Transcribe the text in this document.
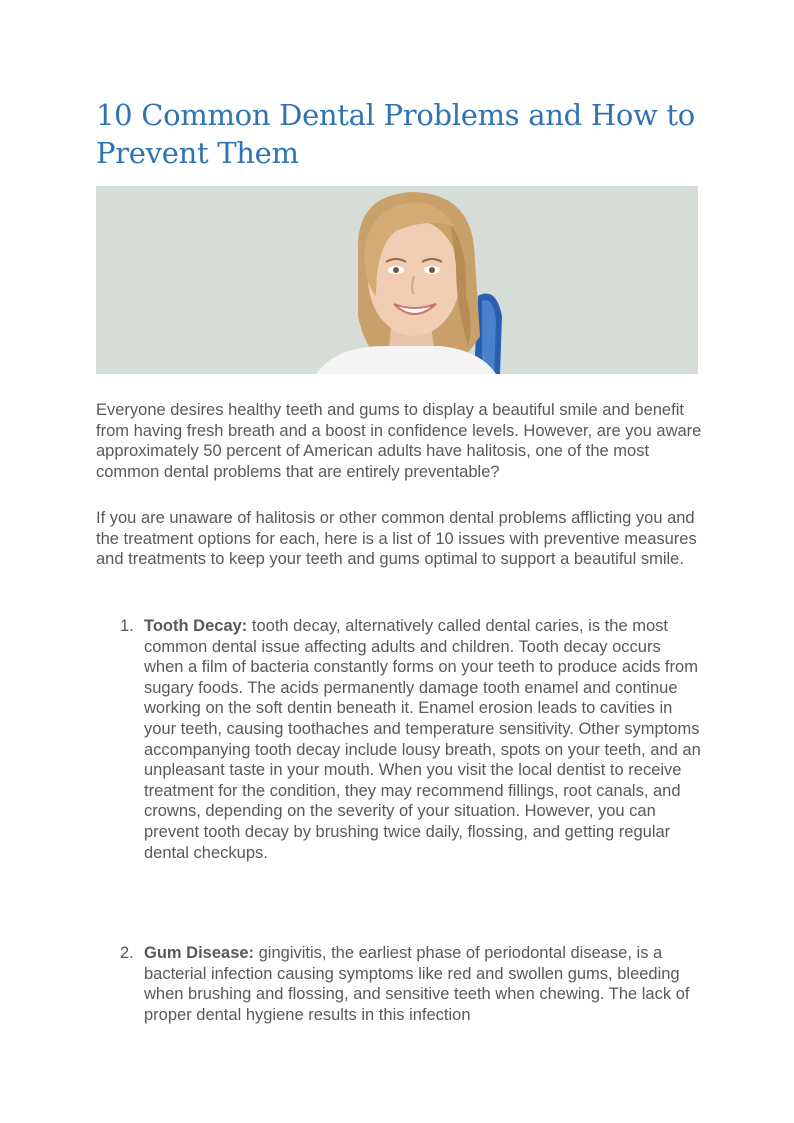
10 Common Dental Problems and How to Prevent Them

Everyone desires healthy teeth and gums to display a beautiful smile and benefit from having fresh breath and a boost in confidence levels. However, are you aware approximately 50 percent of American adults have halitosis, one of the most common dental problems that are entirely preventable?

If you are unaware of halitosis or other common dental problems afflicting you and the treatment options for each, here is a list of 10 issues with preventive measures and treatments to keep your teeth and gums optimal to support a beautiful smile.

1. Tooth Decay: tooth decay, alternatively called dental caries, is the most common dental issue affecting adults and children. Tooth decay occurs when a film of bacteria constantly forms on your teeth to produce acids from sugary foods. The acids permanently damage tooth enamel and continue working on the soft dentin beneath it. Enamel erosion leads to cavities in your teeth, causing toothaches and temperature sensitivity. Other symptoms accompanying tooth decay include lousy breath, spots on your teeth, and an unpleasant taste in your mouth. When you visit the local dentist to receive treatment for the condition, they may recommend fillings, root canals, and crowns, depending on the severity of your situation. However, you can prevent tooth decay by brushing twice daily, flossing, and getting regular dental checkups.
2. Gum Disease: gingivitis, the earliest phase of periodontal disease, is a bacterial infection causing symptoms like red and swollen gums, bleeding when brushing and flossing, and sensitive teeth when chewing. The lack of proper dental hygiene results in this infection
